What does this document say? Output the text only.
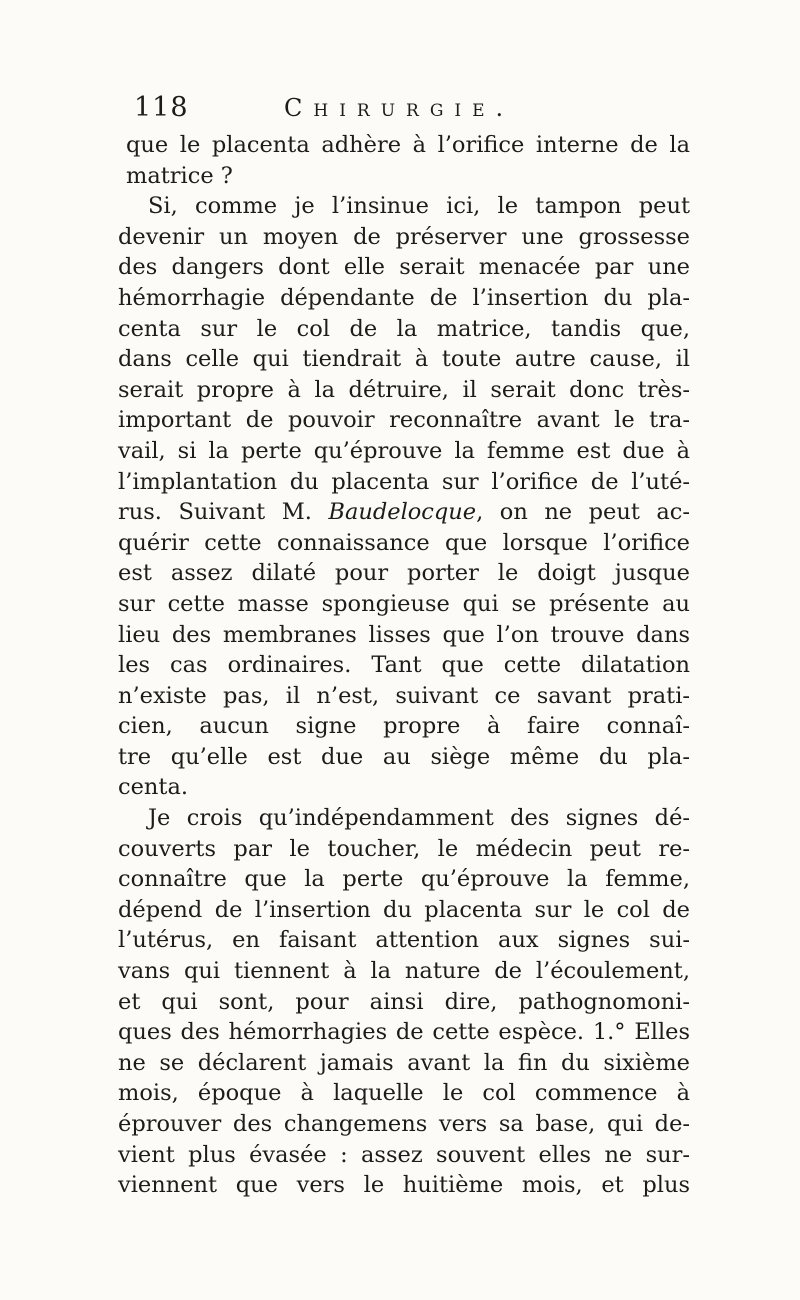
118	Chirurgie.
que le placenta adhère à l’orifice interne de la
matrice ?
Si, comme je l’insinue ici, le tampon peut
devenir un moyen de préserver une grossesse
des dangers dont elle serait menacée par une
hémorrhagie dépendante de l’insertion du pla-
centa sur le col de la matrice, tandis que,
dans celle qui tiendrait à toute autre cause, il
serait propre à la détruire, il serait donc très-
important de pouvoir reconnaître avant le tra-
vail, si la perte qu’éprouve la femme est due à
l’implantation du placenta sur l’orifice de l’uté-
rus. Suivant M. Baudelocque, on ne peut ac-
quérir cette connaissance que lorsque l’orifice
est assez dilaté pour porter le doigt jusque
sur cette masse spongieuse qui se présente au
lieu des membranes lisses que l’on trouve dans
les cas ordinaires. Tant que cette dilatation
n’existe pas, il n’est, suivant ce savant prati-
cien, aucun signe propre à faire connaî-
tre qu’elle est due au siège même du pla-
centa.
Je crois qu’indépendamment des signes dé-
couverts par le toucher, le médecin peut re-
connaître que la perte qu’éprouve la femme,
dépend de l’insertion du placenta sur le col de
l’utérus, en faisant attention aux signes sui-
vans qui tiennent à la nature de l’écoulement,
et qui sont, pour ainsi dire, pathognomoni-
ques des hémorrhagies de cette espèce. 1.° Elles
ne se déclarent jamais avant la fin du sixième
mois, époque à laquelle le col commence à
éprouver des changemens vers sa base, qui de-
vient plus évasée : assez souvent elles ne sur-
viennent que vers le huitième mois, et plus
